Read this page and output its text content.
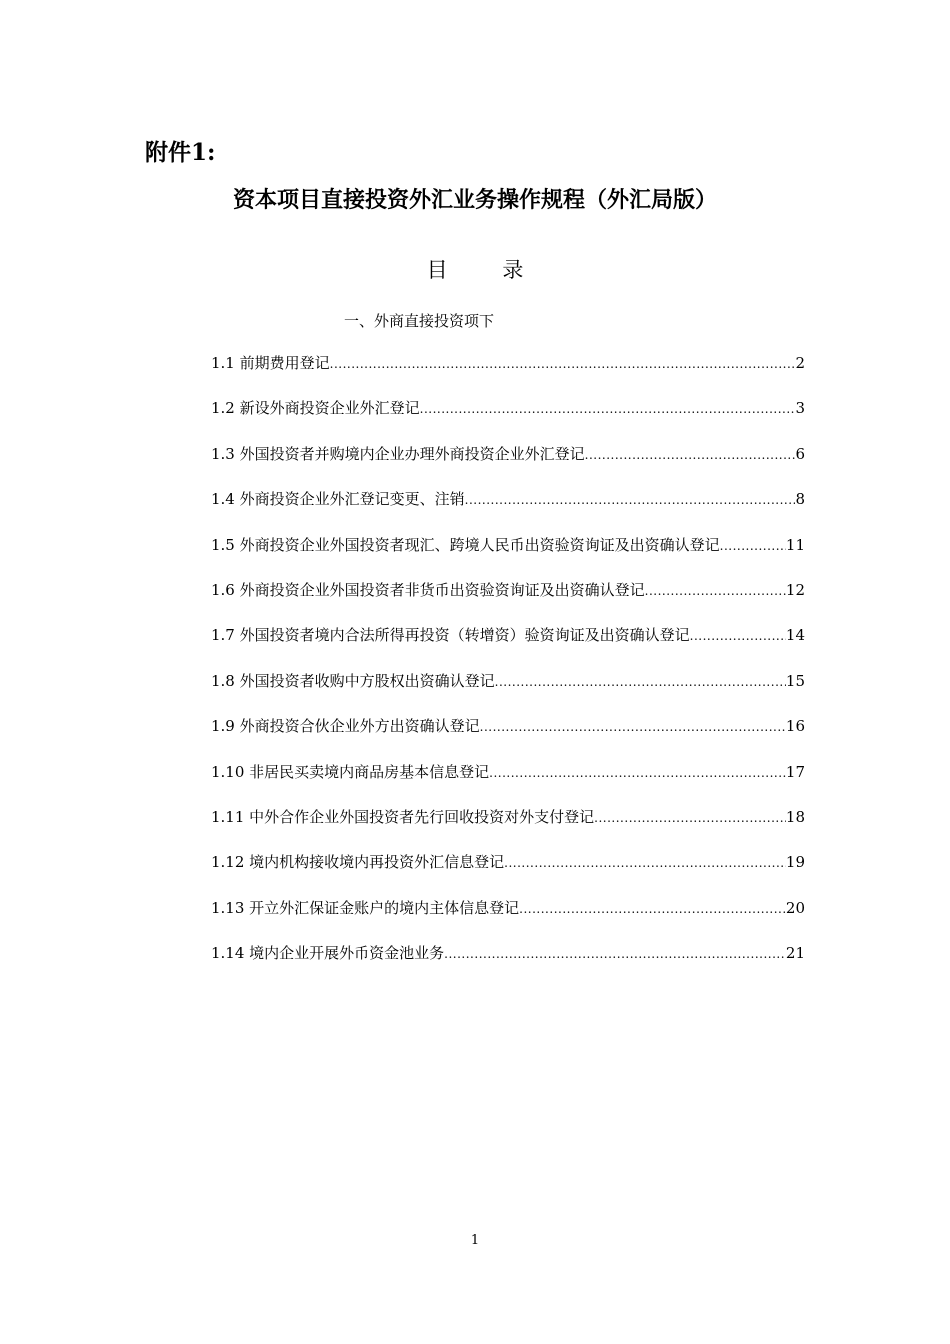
附件1:
资本项目直接投资外汇业务操作规程（外汇局版）
目 录
一、外商直接投资项下
1.1 前期费用登记 .....	2
1.2 新设外商投资企业外汇登记 .....	3
1.3 外国投资者并购境内企业办理外商投资企业外汇登记 .....	6
1.4 外商投资企业外汇登记变更、注销 .....	8
1.5 外商投资企业外国投资者现汇、跨境人民币出资验资询证及出资确认登记 .....	11
1.6 外商投资企业外国投资者非货币出资验资询证及出资确认登记 .....	12
1.7 外国投资者境内合法所得再投资（转增资）验资询证及出资确认登记 .....	14
1.8 外国投资者收购中方股权出资确认登记 .....	15
1.9 外商投资合伙企业外方出资确认登记 .....	16
1.10 非居民买卖境内商品房基本信息登记 .....	17
1.11 中外合作企业外国投资者先行回收投资对外支付登记 .....	18
1.12 境内机构接收境内再投资外汇信息登记 .....	19
1.13 开立外汇保证金账户的境内主体信息登记 .....	20
1.14 境内企业开展外币资金池业务 .....	21
1
